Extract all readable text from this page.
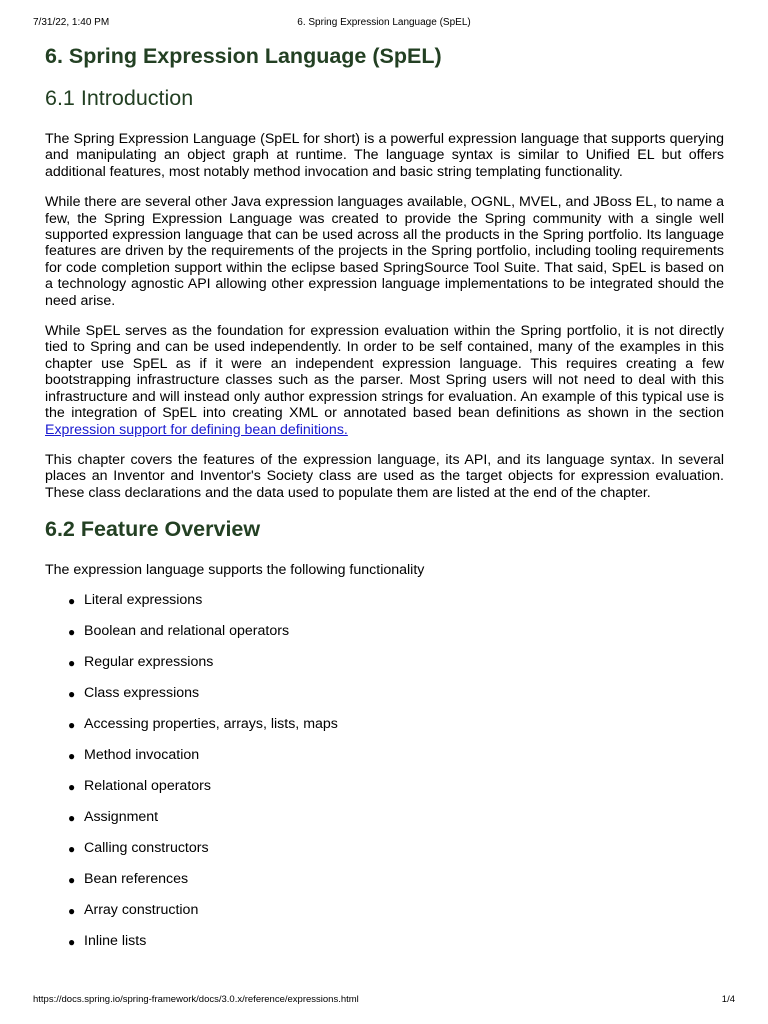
7/31/22, 1:40 PM	6. Spring Expression Language (SpEL)
6. Spring Expression Language (SpEL)
6.1 Introduction

The Spring Expression Language (SpEL for short) is a powerful expression language that supports querying and manipulating an object graph at runtime. The language syntax is similar to Unified EL but offers additional features, most notably method invocation and basic string templating functionality.

While there are several other Java expression languages available, OGNL, MVEL, and JBoss EL, to name a few, the Spring Expression Language was created to provide the Spring community with a single well supported expression language that can be used across all the products in the Spring portfolio. Its language features are driven by the requirements of the projects in the Spring portfolio, including tooling requirements for code completion support within the eclipse based SpringSource Tool Suite. That said, SpEL is based on a technology agnostic API allowing other expression language implementations to be integrated should the need arise.

While SpEL serves as the foundation for expression evaluation within the Spring portfolio, it is not directly tied to Spring and can be used independently. In order to be self contained, many of the examples in this chapter use SpEL as if it were an independent expression language. This requires creating a few bootstrapping infrastructure classes such as the parser. Most Spring users will not need to deal with this infrastructure and will instead only author expression strings for evaluation. An example of this typical use is the integration of SpEL into creating XML or annotated based bean definitions as shown in the section Expression support for defining bean definitions.

This chapter covers the features of the expression language, its API, and its language syntax. In several places an Inventor and Inventor's Society class are used as the target objects for expression evaluation. These class declarations and the data used to populate them are listed at the end of the chapter.

6.2 Feature Overview

The expression language supports the following functionality

● Literal expressions
● Boolean and relational operators
● Regular expressions
● Class expressions
● Accessing properties, arrays, lists, maps
● Method invocation
● Relational operators
● Assignment
● Calling constructors
● Bean references
● Array construction
● Inline lists
https://docs.spring.io/spring-framework/docs/3.0.x/reference/expressions.html	1/4
